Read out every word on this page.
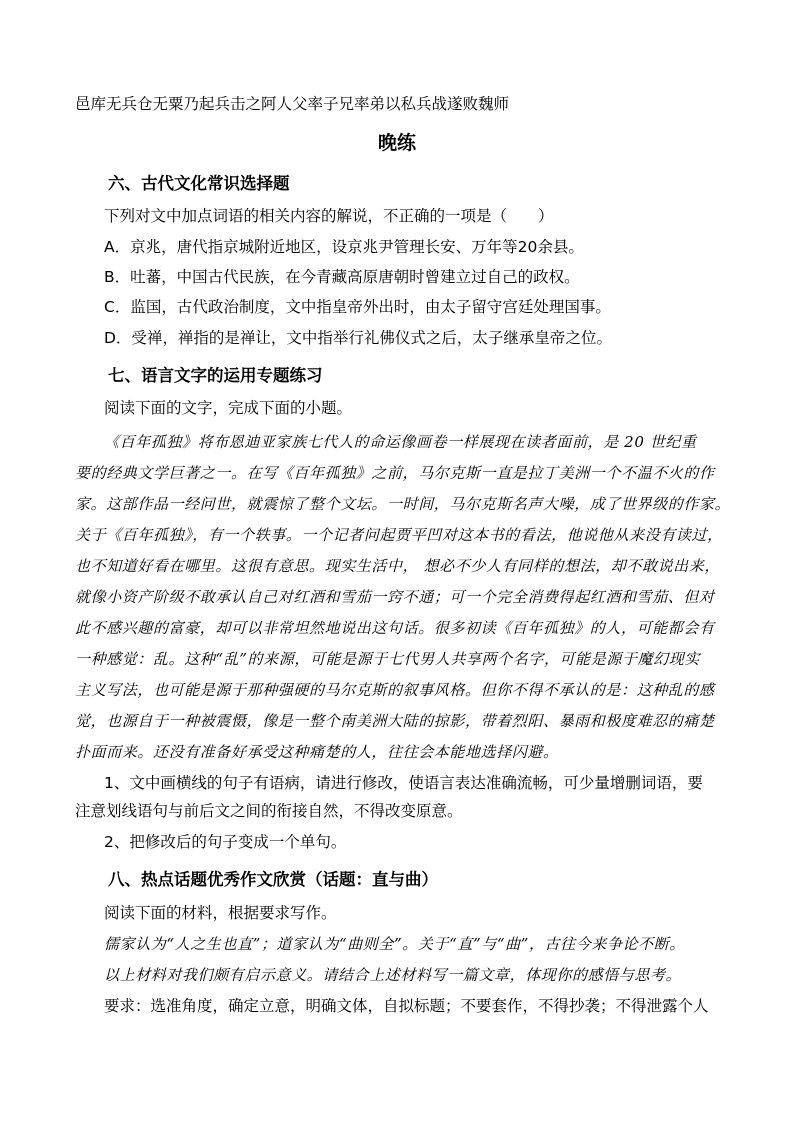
邑库无兵仓无粟乃起兵击之阿人父率子兄率弟以私兵战遂败魏师
晚练
六、古代文化常识选择题
下列对文中加点词语的相关内容的解说，不正确的一项是（　　）
A．京兆，唐代指京城附近地区，设京兆尹管理长安、万年等20余县。
B．吐蕃，中国古代民族，在今青藏高原唐朝时曾建立过自己的政权。
C．监国，古代政治制度，文中指皇帝外出时，由太子留守宫廷处理国事。
D．受禅，禅指的是禅让，文中指举行礼佛仪式之后，太子继承皇帝之位。
七、语言文字的运用专题练习
阅读下面的文字，完成下面的小题。
《百年孤独》将布恩迪亚家族七代人的命运像画卷一样展现在读者面前，是 20 世纪重
要的经典文学巨著之一。在写《百年孤独》之前，马尔克斯一直是拉丁美洲一个不温不火的作
家。这部作品一经问世，就震惊了整个文坛。一时间，马尔克斯名声大噪，成了世界级的作家。
关于《百年孤独》，有一个轶事。一个记者问起贾平凹对这本书的看法，他说他从来没有读过，
也不知道好看在哪里。这很有意思。现实生活中， 想必不少人有同样的想法，却不敢说出来，
就像小资产阶级不敢承认自己对红酒和雪茄一窍不通；可一个完全消费得起红酒和雪茄、但对
此不感兴趣的富豪，却可以非常坦然地说出这句话。很多初读《百年孤独》的人，可能都会有
一种感觉：乱。这种“乱”的来源，可能是源于七代男人共享两个名字，可能是源于魔幻现实
主义写法，也可能是源于那种强硬的马尔克斯的叙事风格。但你不得不承认的是：这种乱的感
觉，也源自于一种被震慑，像是一整个南美洲大陆的掠影，带着烈阳、暴雨和极度难忍的痛楚
扑面而来。还没有准备好承受这种痛楚的人，往往会本能地选择闪避。
1、文中画横线的句子有语病，请进行修改，使语言表达准确流畅，可少量增删词语，要
注意划线语句与前后文之间的衔接自然，不得改变原意。
2、把修改后的句子变成一个单句。
八、热点话题优秀作文欣赏（话题：直与曲）
阅读下面的材料，根据要求写作。
儒家认为“人之生也直”；道家认为“曲则全”。关于“直”与“曲”，古往今来争论不断。
以上材料对我们颇有启示意义。请结合上述材料写一篇文章，体现你的感悟与思考。
要求：选准角度，确定立意，明确文体，自拟标题；不要套作，不得抄袭；不得泄露个人
